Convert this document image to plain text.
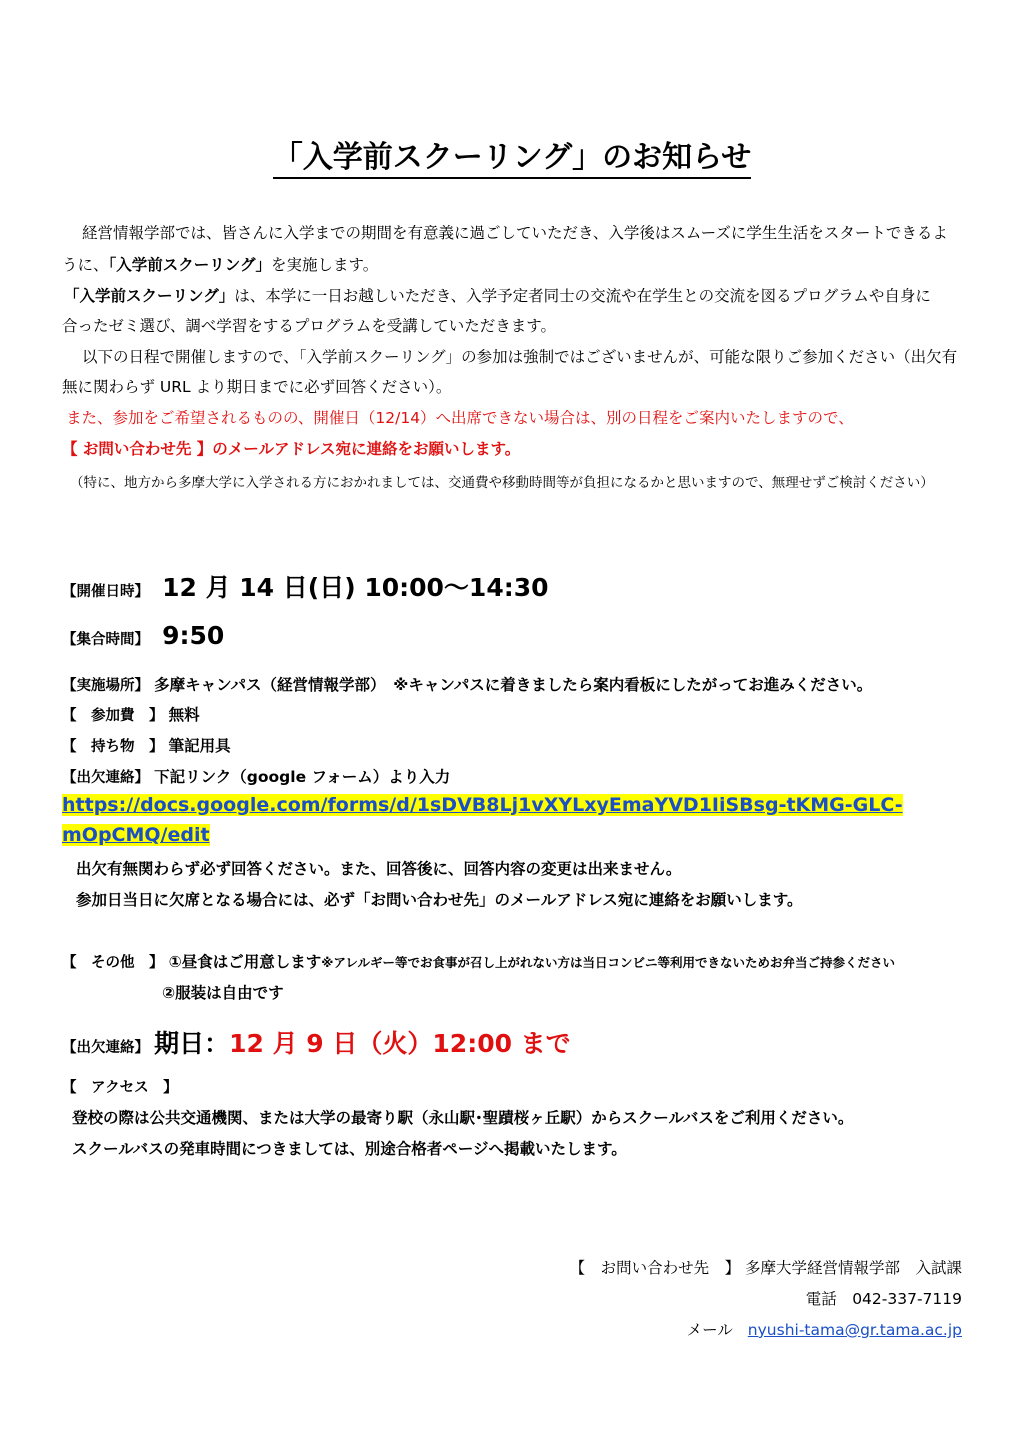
「入学前スクーリング」のお知らせ
経営情報学部では、皆さんに入学までの期間を有意義に過ごしていただき、入学後はスムーズに学生生活をスタートできるよ
うに、「入学前スクーリング」を実施します。
「入学前スクーリング」は、本学に一日お越しいただき、入学予定者同士の交流や在学生との交流を図るプログラムや自身に
合ったゼミ選び、調べ学習をするプログラムを受講していただきます。
以下の日程で開催しますので、「入学前スクーリング」の参加は強制ではございませんが、可能な限りご参加ください（出欠有
無に関わらず URL より期日までに必ず回答ください）。
また、参加をご希望されるものの、開催日（12/14）へ出席できない場合は、別の日程をご案内いたしますので、
【 お問い合わせ先 】のメールアドレス宛に連絡をお願いします。
（特に、地方から多摩大学に入学される方におかれましては、交通費や移動時間等が負担になるかと思いますので、無理せずご検討ください）
【開催日時】 12 月 14 日(日) 10:00～14:30
【集合時間】 9:50
【実施場所】 多摩キャンパス（経営情報学部）　※キャンパスに着きましたら案内看板にしたがってお進みください。
【　参加費　】 無料
【　持ち物　】 筆記用具
【出欠連絡】 下記リンク（google フォーム）より入力
https://docs.google.com/forms/d/1sDVB8Lj1vXYLxyEmaYVD1IiSBsg-tKMG-GLC-
mOpCMQ/edit
出欠有無関わらず必ず回答ください。また、回答後に、回答内容の変更は出来ません。
参加日当日に欠席となる場合には、必ず「お問い合わせ先」のメールアドレス宛に連絡をお願いします。
【　その他　】 ①昼食はご用意します※アレルギー等でお食事が召し上がれない方は当日コンビニ等利用できないためお弁当ご持参ください
②服装は自由です
【出欠連絡】 期日：12 月 9 日（火）12:00 まで
【　アクセス　】
登校の際は公共交通機関、または大学の最寄り駅（永山駅･聖蹟桜ヶ丘駅）からスクールバスをご利用ください。
スクールバスの発車時間につきましては、別途合格者ページへ掲載いたします。
【　お問い合わせ先　】 多摩大学経営情報学部　入試課
電話　042-337-7119
メール nyushi-tama@gr.tama.ac.jp
